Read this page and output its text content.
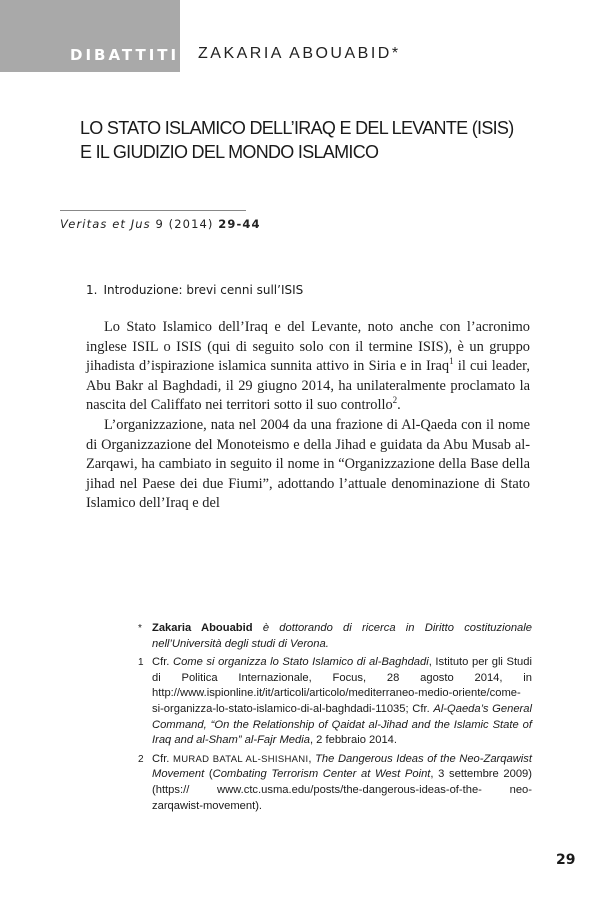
DIBATTITI ZAKARIA ABOUABID*
LO STATO ISLAMICO DELL’IRAQ E DEL LEVANTE (ISIS)
E IL GIUDIZIO DEL MONDO ISLAMICO
Veritas et Jus 9 (2014) 29-44
1. Introduzione: brevi cenni sull’ISIS

Lo Stato Islamico dell’Iraq e del Levante, noto anche con l’acronimo inglese ISIL o ISIS (qui di seguito solo con il termine ISIS), è un gruppo jihadista d’ispirazione islamica sunnita attivo in Siria e in Iraq$^1$ il cui leader, Abu Bakr al Baghdadi, il 29 giugno 2014, ha unilateralmente proclamato la nascita del Califfato nei territori sotto il suo controllo$^2$.

L’organizzazione, nata nel 2004 da una frazione di Al-Qaeda con il nome di Organizzazione del Monoteismo e della Jihad e guidata da Abu Musab al-Zarqawi, ha cambiato in seguito il nome in “Organizzazione della Base della jihad nel Paese dei due Fiumi”, adottando l’attuale denominazione di Stato Islamico dell’Iraq e del

* Zakaria Abouabid è dottorando di ricerca in Diritto costituzionale nell’Università degli studi di Verona.
1 Cfr. Come si organizza lo Stato Islamico di al-Baghdadi, Istituto per gli Studi di Politica Internazionale, Focus, 28 agosto 2014, in http://www.ispionline.it/it/articoli/articolo/mediterraneo-medio-oriente/come-si-organizza-lo-stato-islamico-di-al-baghdadi-11035; Cfr. Al-Qaeda’s General Command, “On the Relationship of Qaidat al-Jihad and the Islamic State of Iraq and al-Sham” al-Fajr Media, 2 febbraio 2014.
2 Cfr. MURAD BATAL AL-SHISHANI, The Dangerous Ideas of the Neo-Zarqawist Movement (Combating Terrorism Center at West Point, 3 settembre 2009) (https:// www.ctc.usma.edu/posts/the-dangerous-ideas-of-the- neo-zarqawist-movement).
29
